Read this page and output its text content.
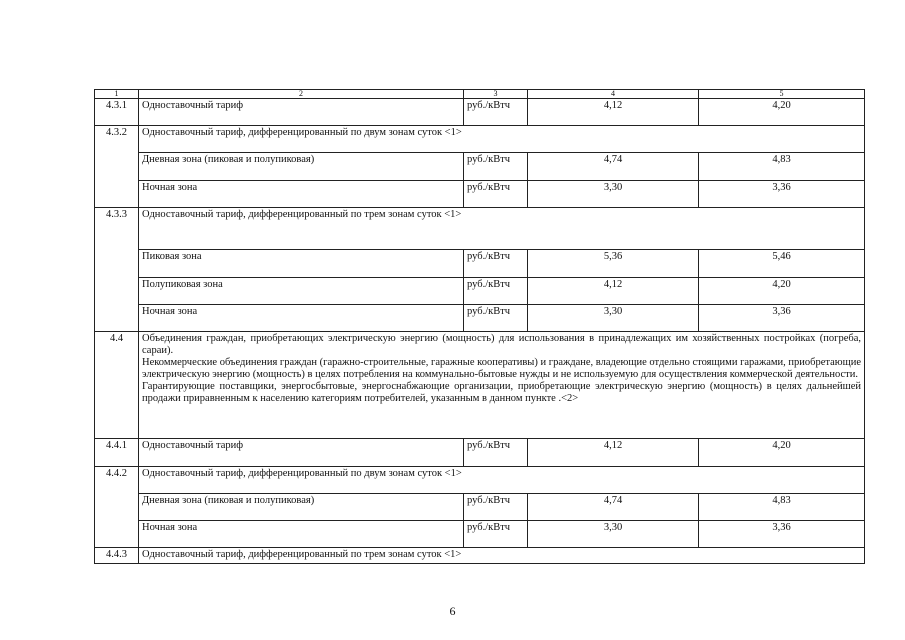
1	2	3	4	5
4.3.1	Одноставочный тариф	руб./кВтч	4,12	4,20
4.3.2	Одноставочный тариф, дифференцированный по двум зонам суток <1>			
	Дневная зона (пиковая и полупиковая)	руб./кВтч	4,74	4,83
	Ночная зона	руб./кВтч	3,30	3,36
4.3.3	Одноставочный тариф, дифференцированный по трем зонам суток <1>			
	Пиковая зона	руб./кВтч	5,36	5,46
	Полупиковая зона	руб./кВтч	4,12	4,20
	Ночная зона	руб./кВтч	3,30	3,36
4.4	Объединения граждан, приобретающих электрическую энергию (мощность) для использования в принадлежащих им хозяйственных постройках (погреба, сараи).
Некоммерческие объединения граждан (гаражно-строительные, гаражные кооперативы) и граждане, владеющие отдельно стоящими гаражами, приобретающие электрическую энергию (мощность) в целях потребления на коммунально-бытовые нужды и не используемую для осуществления коммерческой деятельности.
Гарантирующие поставщики, энергосбытовые, энергоснабжающие организации, приобретающие электрическую энергию (мощность) в целях дальнейшей продажи приравненным к населению категориям потребителей, указанным в данном пункте .<2>			

4.4.1	Одноставочный тариф	руб./кВтч	4,12	4,20
4.4.2	Одноставочный тариф, дифференцированный по двум зонам суток <1>			
	Дневная зона (пиковая и полупиковая)	руб./кВтч	4,74	4,83
	Ночная зона	руб./кВтч	3,30	3,36
4.4.3	Одноставочный тариф, дифференцированный по трем зонам суток <1>			
6
